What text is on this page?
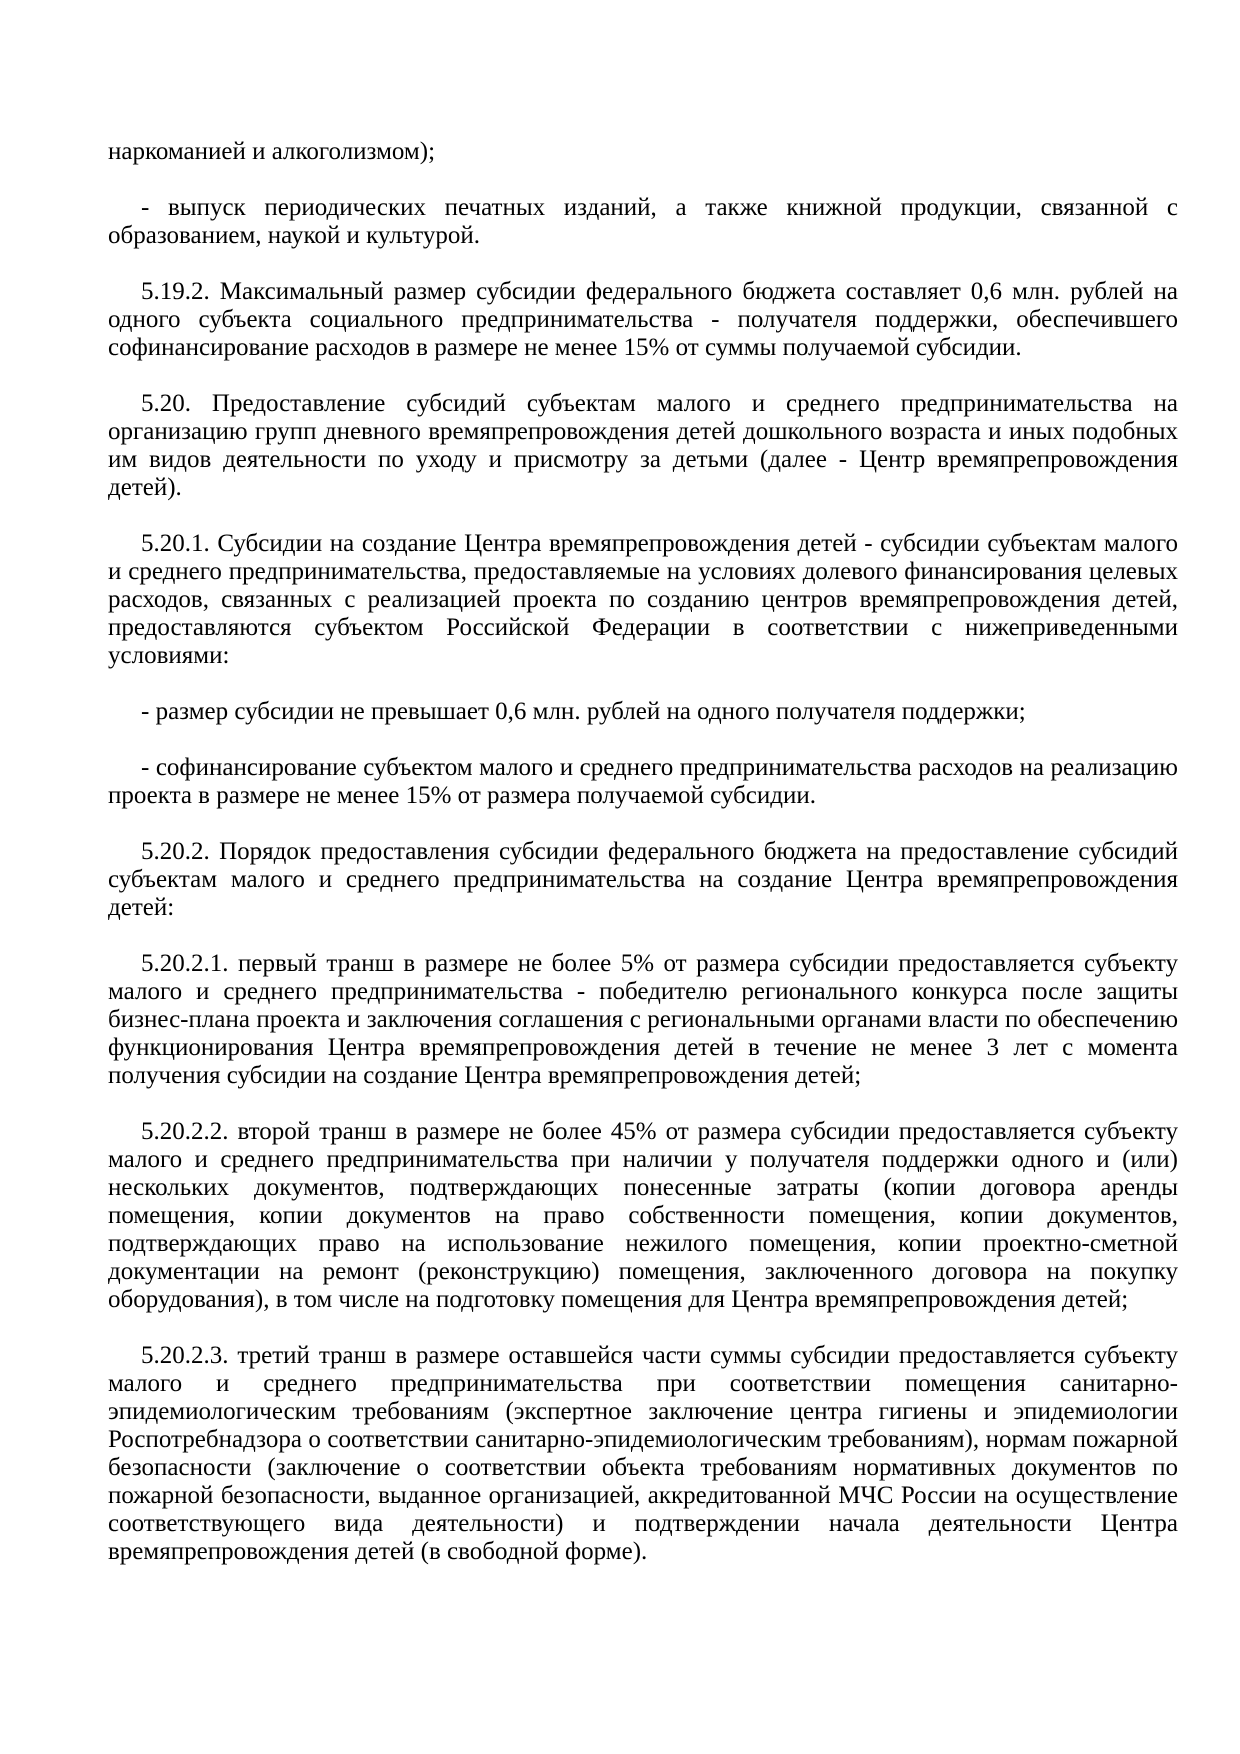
наркоманией и алкоголизмом);

- выпуск периодических печатных изданий, а также книжной продукции, связанной с образованием, наукой и культурой.

5.19.2. Максимальный размер субсидии федерального бюджета составляет 0,6 млн. рублей на одного субъекта социального предпринимательства - получателя поддержки, обеспечившего софинансирование расходов в размере не менее 15% от суммы получаемой субсидии.

5.20. Предоставление субсидий субъектам малого и среднего предпринимательства на организацию групп дневного времяпрепровождения детей дошкольного возраста и иных подобных им видов деятельности по уходу и присмотру за детьми (далее - Центр времяпрепровождения детей).

5.20.1. Субсидии на создание Центра времяпрепровождения детей - субсидии субъектам малого и среднего предпринимательства, предоставляемые на условиях долевого финансирования целевых расходов, связанных с реализацией проекта по созданию центров времяпрепровождения детей, предоставляются субъектом Российской Федерации в соответствии с нижеприведенными условиями:

- размер субсидии не превышает 0,6 млн. рублей на одного получателя поддержки;

- софинансирование субъектом малого и среднего предпринимательства расходов на реализацию проекта в размере не менее 15% от размера получаемой субсидии.

5.20.2. Порядок предоставления субсидии федерального бюджета на предоставление субсидий субъектам малого и среднего предпринимательства на создание Центра времяпрепровождения детей:

5.20.2.1. первый транш в размере не более 5% от размера субсидии предоставляется субъекту малого и среднего предпринимательства - победителю регионального конкурса после защиты бизнес-плана проекта и заключения соглашения с региональными органами власти по обеспечению функционирования Центра времяпрепровождения детей в течение не менее 3 лет с момента получения субсидии на создание Центра времяпрепровождения детей;

5.20.2.2. второй транш в размере не более 45% от размера субсидии предоставляется субъекту малого и среднего предпринимательства при наличии у получателя поддержки одного и (или) нескольких документов, подтверждающих понесенные затраты (копии договора аренды помещения, копии документов на право собственности помещения, копии документов, подтверждающих право на использование нежилого помещения, копии проектно-сметной документации на ремонт (реконструкцию) помещения, заключенного договора на покупку оборудования), в том числе на подготовку помещения для Центра времяпрепровождения детей;

5.20.2.3. третий транш в размере оставшейся части суммы субсидии предоставляется субъекту малого и среднего предпринимательства при соответствии помещения санитарно-эпидемиологическим требованиям (экспертное заключение центра гигиены и эпидемиологии Роспотребнадзора о соответствии санитарно-эпидемиологическим требованиям), нормам пожарной безопасности (заключение о соответствии объекта требованиям нормативных документов по пожарной безопасности, выданное организацией, аккредитованной МЧС России на осуществление соответствующего вида деятельности) и подтверждении начала деятельности Центра времяпрепровождения детей (в свободной форме).
